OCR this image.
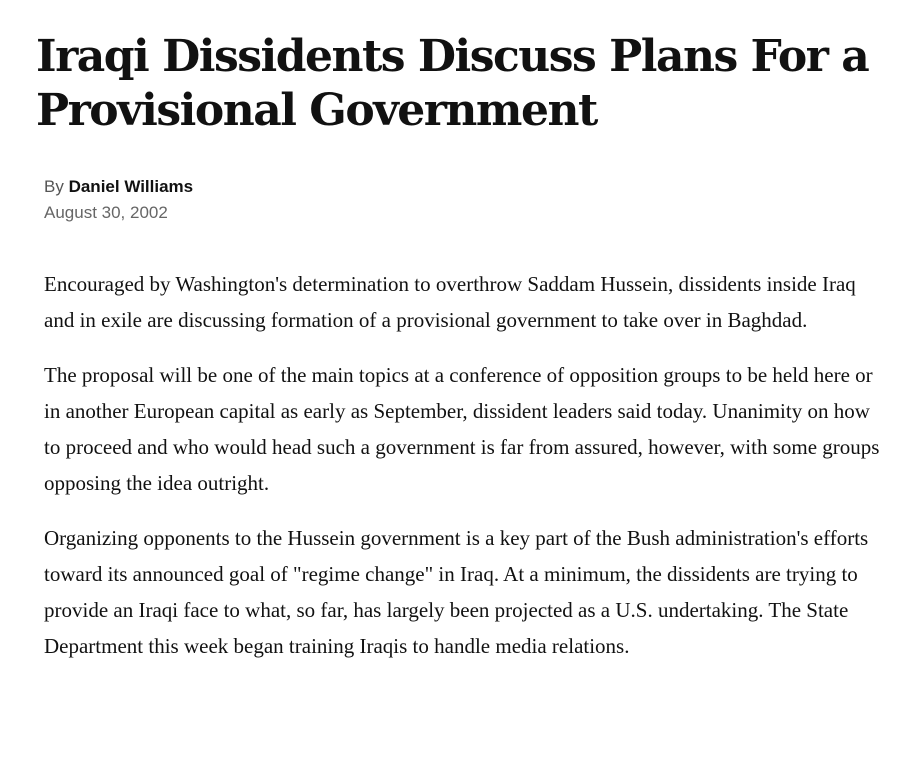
Iraqi Dissidents Discuss Plans For a Provisional Government
By Daniel Williams
August 30, 2002

Encouraged by Washington's determination to overthrow Saddam Hussein, dissidents inside Iraq and in exile are discussing formation of a provisional government to take over in Baghdad.

The proposal will be one of the main topics at a conference of opposition groups to be held here or in another European capital as early as September, dissident leaders said today. Unanimity on how to proceed and who would head such a government is far from assured, however, with some groups opposing the idea outright.

Organizing opponents to the Hussein government is a key part of the Bush administration's efforts toward its announced goal of "regime change" in Iraq. At a minimum, the dissidents are trying to provide an Iraqi face to what, so far, has largely been projected as a U.S. undertaking. The State Department this week began training Iraqis to handle media relations.
